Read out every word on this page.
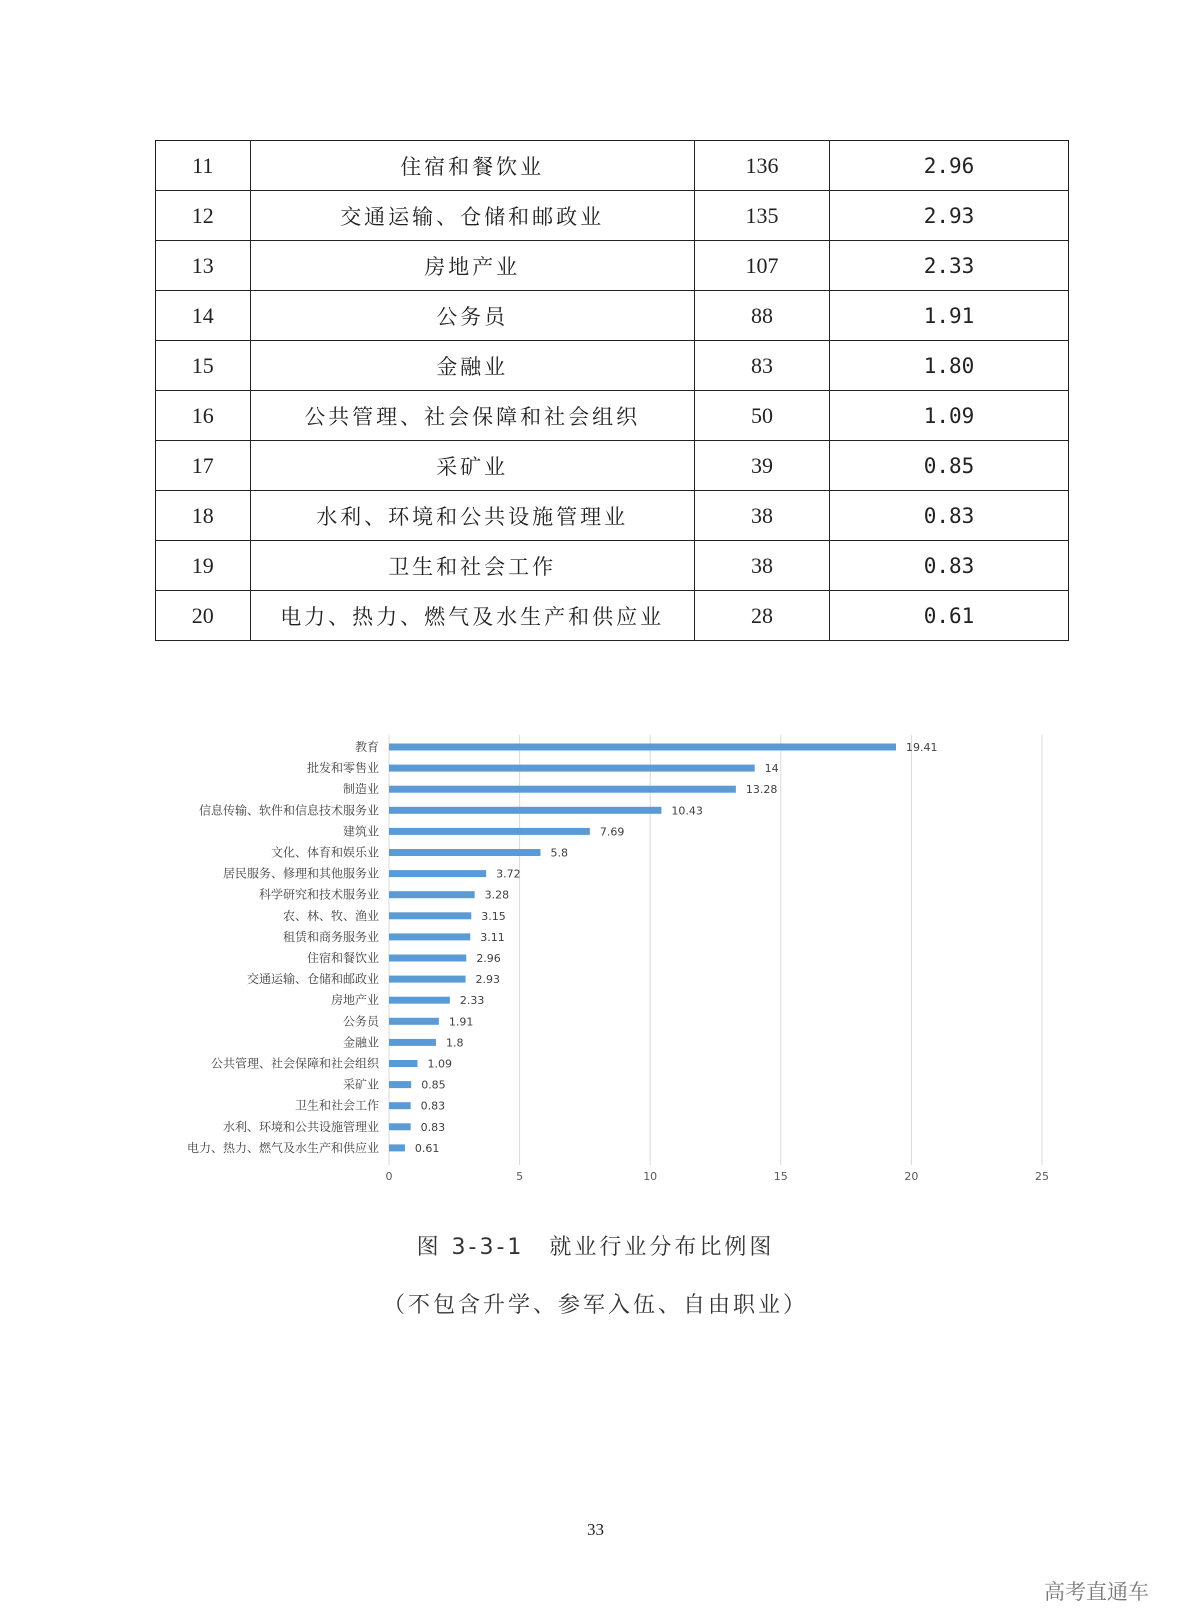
11	住宿和餐饮业	136	2.96
12	交通运输、仓储和邮政业	135	2.93
13	房地产业	107	2.33
14	公务员	88	1.91
15	金融业	83	1.80
16	公共管理、社会保障和社会组织	50	1.09
17	采矿业	39	0.85
18	水利、环境和公共设施管理业	38	0.83
19	卫生和社会工作	38	0.83
20	电力、热力、燃气及水生产和供应业	28	0.61
0	5	10	15	20	25
教育	19.41
批发和零售业	14
制造业	13.28
信息传输、软件和信息技术服务业	10.43
建筑业	7.69
文化、体育和娱乐业	5.8
居民服务、修理和其他服务业	3.72
科学研究和技术服务业	3.28
农、林、牧、渔业	3.15
租赁和商务服务业	3.11
住宿和餐饮业	2.96
交通运输、仓储和邮政业	2.93
房地产业	2.33
公务员	1.91
金融业	1.8
公共管理、社会保障和社会组织	1.09
采矿业	0.85
卫生和社会工作	0.83
水利、环境和公共设施管理业	0.83
电力、热力、燃气及水生产和供应业	0.61
图 3-3-1　就业行业分布比例图
（不包含升学、参军入伍、自由职业）
33
高考直通车
